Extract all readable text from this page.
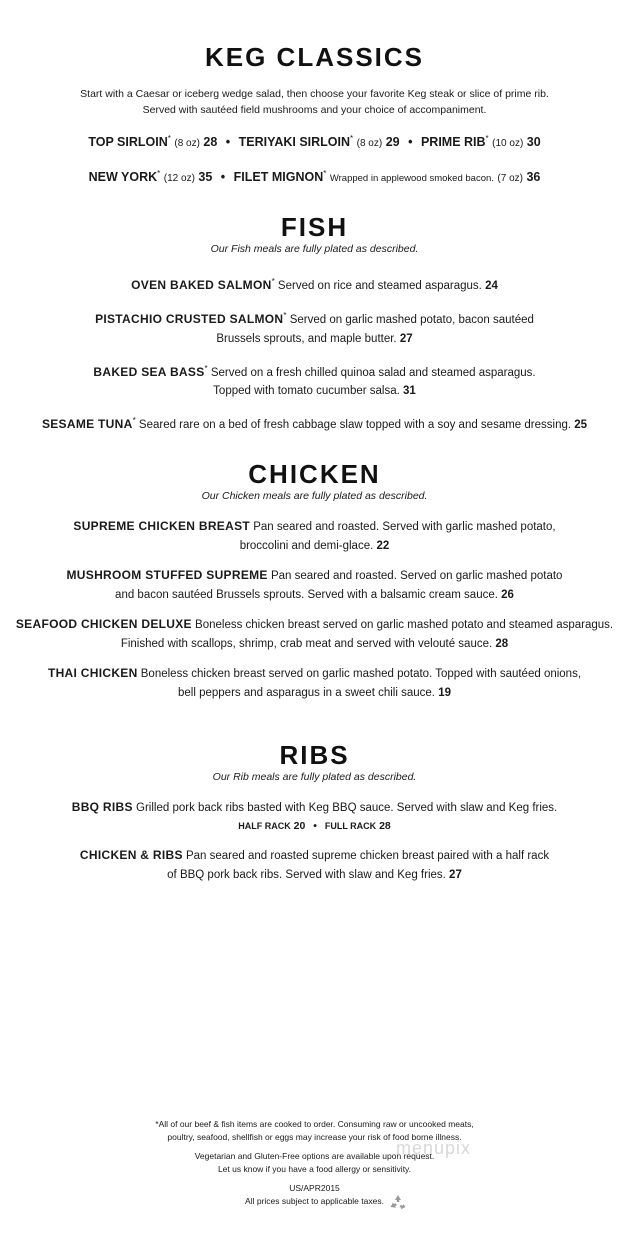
KEG CLASSICS

Start with a Caesar or iceberg wedge salad, then choose your favorite Keg steak or slice of prime rib.

Served with sautéed field mushrooms and your choice of accompaniment.

TOP SIRLOIN* (8 oz) 28 • TERIYAKI SIRLOIN* (8 oz) 29 • PRIME RIB* (10 oz) 30
NEW YORK* (12 oz) 35 • FILET MIGNON* Wrapped in applewood smoked bacon. (7 oz) 36
FISH

Our Fish meals are fully plated as described.

OVEN BAKED SALMON* Served on rice and steamed asparagus. 24
PISTACHIO CRUSTED SALMON* Served on garlic mashed potato, bacon sautéed
Brussels sprouts, and maple butter. 27
BAKED SEA BASS* Served on a fresh chilled quinoa salad and steamed asparagus.
Topped with tomato cucumber salsa. 31
SESAME TUNA* Seared rare on a bed of fresh cabbage slaw topped with a soy and sesame dressing. 25
CHICKEN

Our Chicken meals are fully plated as described.

SUPREME CHICKEN BREAST Pan seared and roasted. Served with garlic mashed potato,
broccolini and demi-glace. 22
MUSHROOM STUFFED SUPREME Pan seared and roasted. Served on garlic mashed potato
and bacon sautéed Brussels sprouts. Served with a balsamic cream sauce. 26
SEAFOOD CHICKEN DELUXE Boneless chicken breast served on garlic mashed potato and steamed asparagus.
Finished with scallops, shrimp, crab meat and served with velouté sauce. 28
THAI CHICKEN Boneless chicken breast served on garlic mashed potato. Topped with sautéed onions,
bell peppers and asparagus in a sweet chili sauce. 19
RIBS

Our Rib meals are fully plated as described.

BBQ RIBS Grilled pork back ribs basted with Keg BBQ sauce. Served with slaw and Keg fries.
HALF RACK 20 • FULL RACK 28
CHICKEN & RIBS Pan seared and roasted supreme chicken breast paired with a half rack
of BBQ pork back ribs. Served with slaw and Keg fries. 27
*All of our beef & fish items are cooked to order. Consuming raw or uncooked meats,
poultry, seafood, shellfish or eggs may increase your risk of food borne illness.
Vegetarian and Gluten-Free options are available upon request.
Let us know if you have a food allergy or sensitivity.
US/APR2015
All prices subject to applicable taxes.
menupix
